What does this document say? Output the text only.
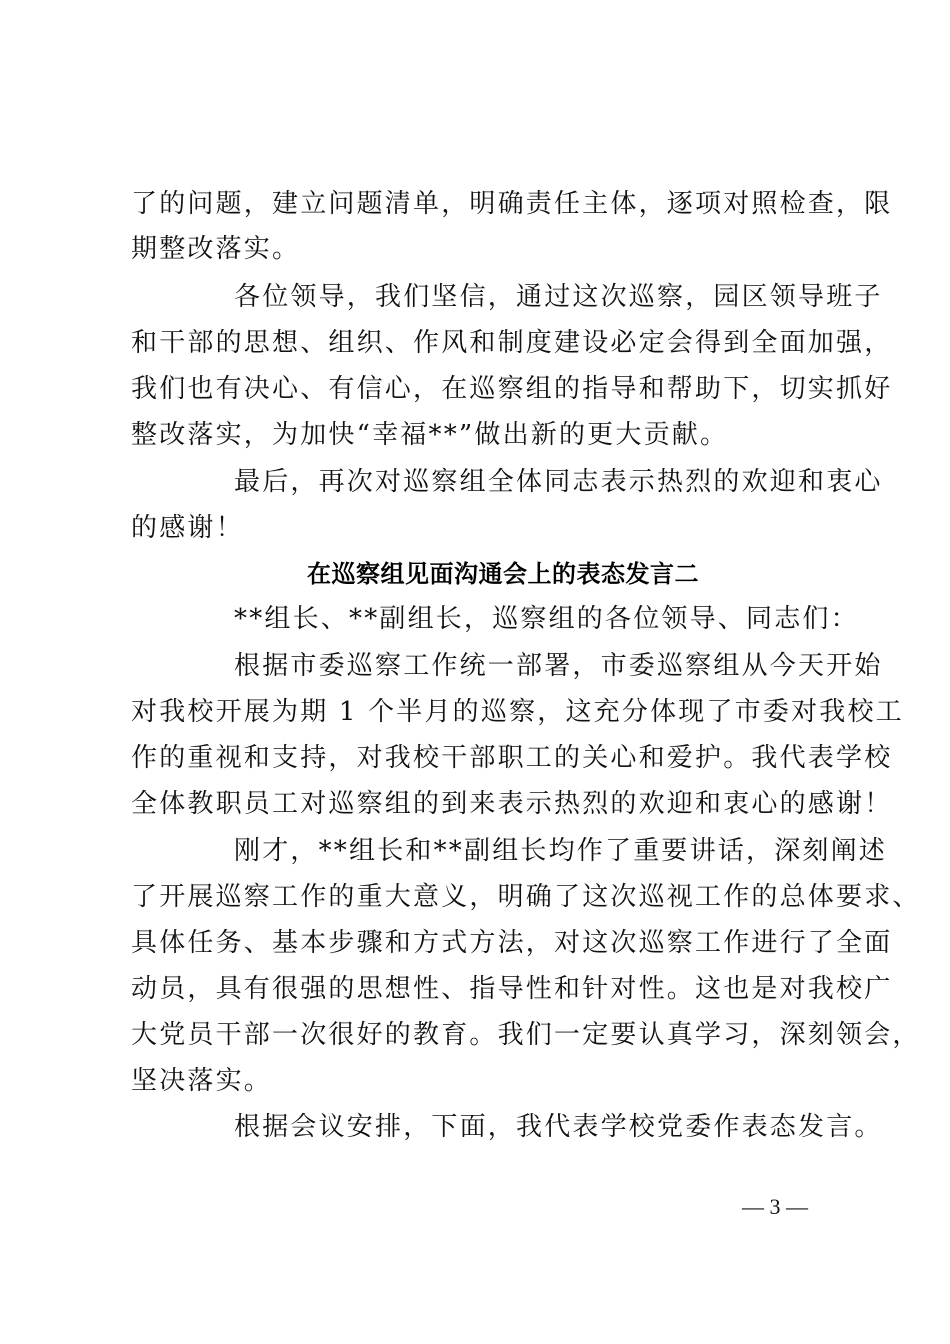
了的问题，建立问题清单，明确责任主体，逐项对照检查，限
期整改落实。
各位领导，我们坚信，通过这次巡察，园区领导班子
和干部的思想、组织、作风和制度建设必定会得到全面加强，
我们也有决心、有信心，在巡察组的指导和帮助下，切实抓好
整改落实，为加快“幸福**”做出新的更大贡献。
最后，再次对巡察组全体同志表示热烈的欢迎和衷心
的感谢！
在巡察组见面沟通会上的表态发言二
**组长、**副组长，巡察组的各位领导、同志们：
根据市委巡察工作统一部署，市委巡察组从今天开始
对我校开展为期 1 个半月的巡察，这充分体现了市委对我校工
作的重视和支持，对我校干部职工的关心和爱护。我代表学校
全体教职员工对巡察组的到来表示热烈的欢迎和衷心的感谢！
刚才，**组长和**副组长均作了重要讲话，深刻阐述
了开展巡察工作的重大意义，明确了这次巡视工作的总体要求、
具体任务、基本步骤和方式方法，对这次巡察工作进行了全面
动员，具有很强的思想性、指导性和针对性。这也是对我校广
大党员干部一次很好的教育。我们一定要认真学习，深刻领会，
坚决落实。
根据会议安排，下面，我代表学校党委作表态发言。
— 3 —
